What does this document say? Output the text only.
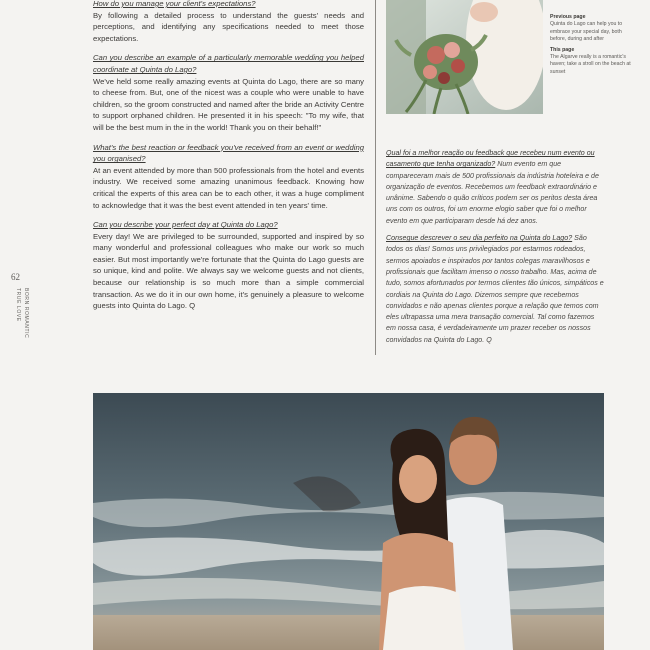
How do you manage your client's expectations?
By following a detailed process to understand the guests' needs and perceptions, and identifying any specifications needed to meet those expectations.

Can you describe an example of a particularly memorable wedding you helped coordinate at Quinta do Lago?
We've held some really amazing events at Quinta do Lago, there are so many to cheese from. But, one of the nicest was a couple who were unable to have children, so the groom constructed and named after the bride an Activity Centre to support orphaned children. He presented it in his speech: "To my wife, that will be the best mum in the in the world! Thank you on their behalf!"

What's the best reaction or feedback you've received from an event or wedding you organised?
At an event attended by more than 500 professionals from the hotel and events industry. We received some amazing unanimous feedback. Knowing how critical the experts of this area can be to each other, it was a huge compliment to acknowledge that it was the best event attended in ten years' time.

Can you describe your perfect day at Quinta do Lago?
Every day! We are privileged to be surrounded, supported and inspired by so many wonderful and professional colleagues who make our work so much easier. But most importantly we're fortunate that the Quinta do Lago guests are so unique, kind and polite. We always say we welcome guests and not clients, because our relationship is so much more than a simple commercial transaction. As we do it in our own home, it's genuinely a pleasure to welcome guests into Quinta do Lago. Q

Previous page
Quinta do Lago can help you to embrace your special day, both before, during and after

This page
The Algarve really is a romantic's haven; take a stroll on the beach at sunset

Qual foi a melhor reação ou feedback que recebeu num evento ou casamento que tenha organizado? Num evento em que compareceram mais de 500 profissionais da indústria hoteleira e de organização de eventos. Recebemos um feedback extraordinário e unânime. Sabendo o quão críticos podem ser os peritos desta área uns com os outros, foi um enorme elogio saber que foi o melhor evento em que participaram desde há dez anos.

Consegue descrever o seu dia perfeito na Quinta do Lago? São todos os dias! Somos uns privilegiados por estarmos rodeados, sermos apoiados e inspirados por tantos colegas maravilhosos e profissionais que facilitam imenso o nosso trabalho. Mas, acima de tudo, somos afortunados por termos clientes tão únicos, simpáticos e cordiais na Quinta do Lago. Dizemos sempre que recebemos convidados e não apenas clientes porque a relação que temos com eles ultrapassa uma mera transação comercial. Tal como fazemos em nossa casa, é verdadeiramente um prazer receber os nossos convidados na Quinta do Lago. Q

62
BORN ROMANTIC
TRUE LOVE
